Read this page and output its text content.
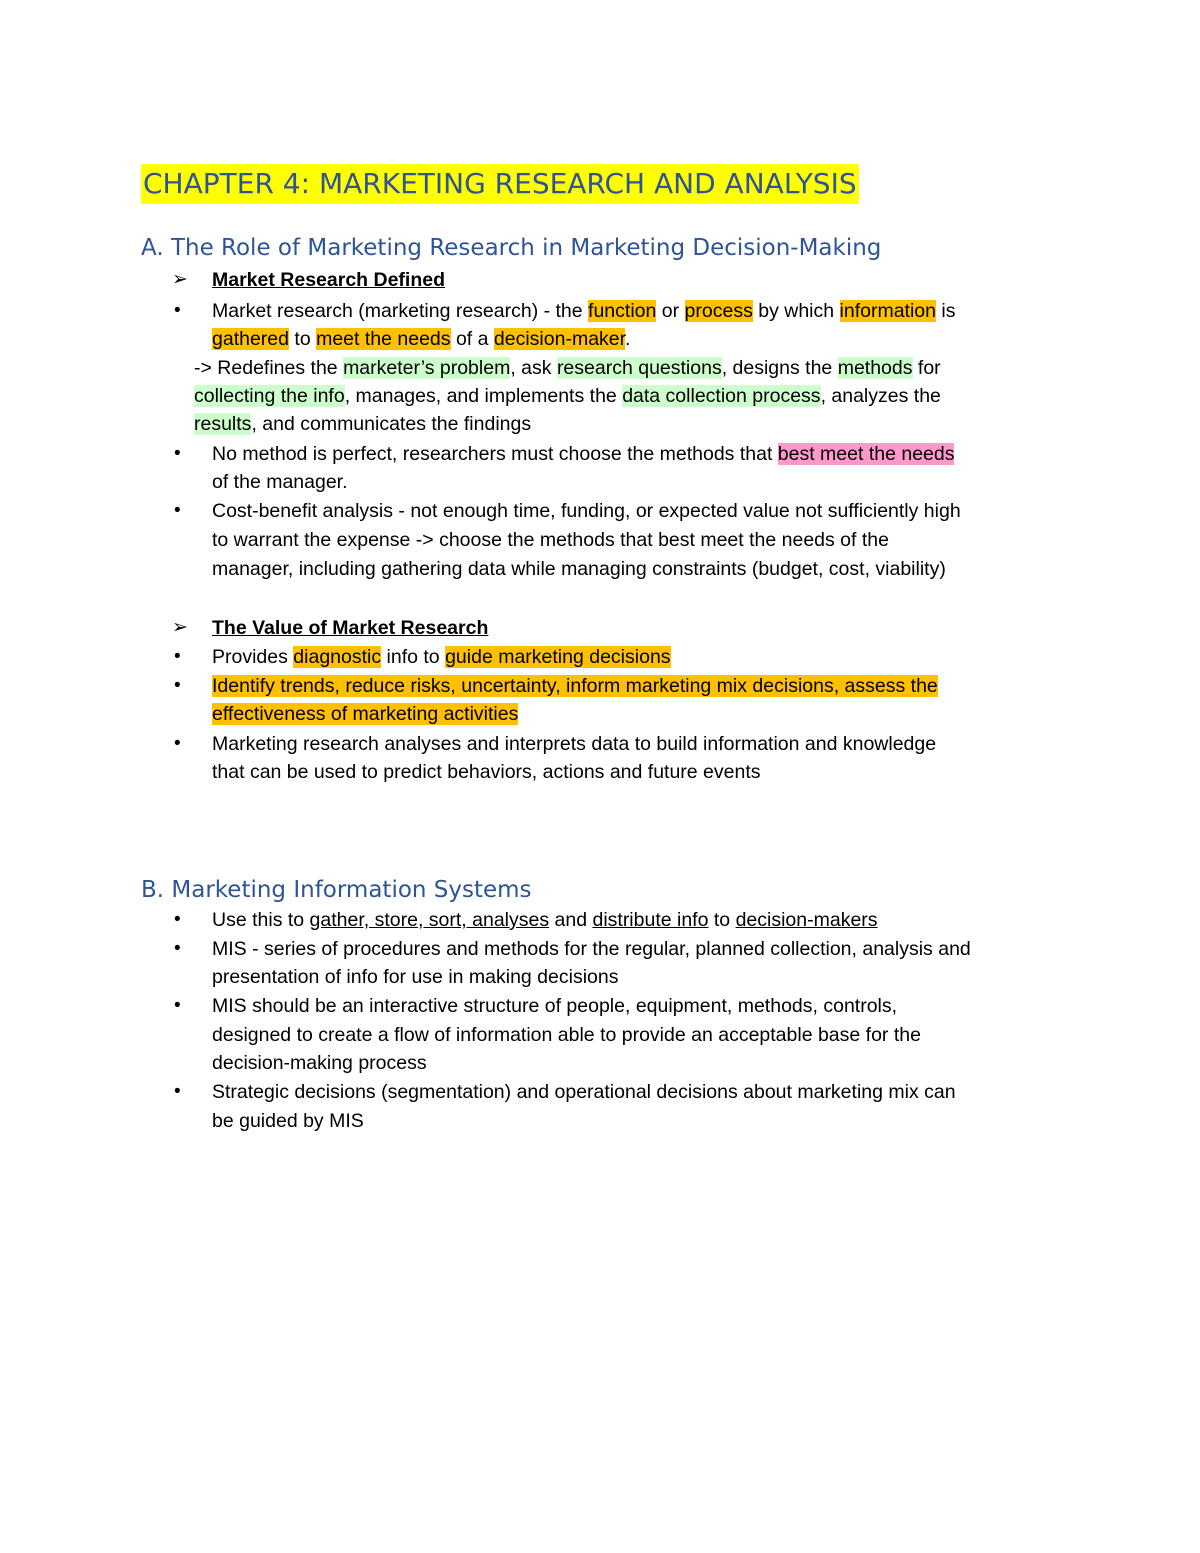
CHAPTER 4: MARKETING RESEARCH AND ANALYSIS
A. The Role of Marketing Research in Marketing Decision-Making
➢ Market Research Defined
• Market research (marketing research) - the function or process by which information is
gathered to meet the needs of a decision-maker.
-> Redefines the marketer’s problem, ask research questions, designs the methods for
collecting the info, manages, and implements the data collection process, analyzes the
results, and communicates the findings
• No method is perfect, researchers must choose the methods that best meet the needs
of the manager.
• Cost-benefit analysis - not enough time, funding, or expected value not sufficiently high
to warrant the expense -> choose the methods that best meet the needs of the
manager, including gathering data while managing constraints (budget, cost, viability)
➢ The Value of Market Research
• Provides diagnostic info to guide marketing decisions
• Identify trends, reduce risks, uncertainty, inform marketing mix decisions, assess the
effectiveness of marketing activities
• Marketing research analyses and interprets data to build information and knowledge
that can be used to predict behaviors, actions and future events
B. Marketing Information Systems
• Use this to gather, store, sort, analyses and distribute info to decision-makers
• MIS - series of procedures and methods for the regular, planned collection, analysis and
presentation of info for use in making decisions
• MIS should be an interactive structure of people, equipment, methods, controls,
designed to create a flow of information able to provide an acceptable base for the
decision-making process
• Strategic decisions (segmentation) and operational decisions about marketing mix can
be guided by MIS
